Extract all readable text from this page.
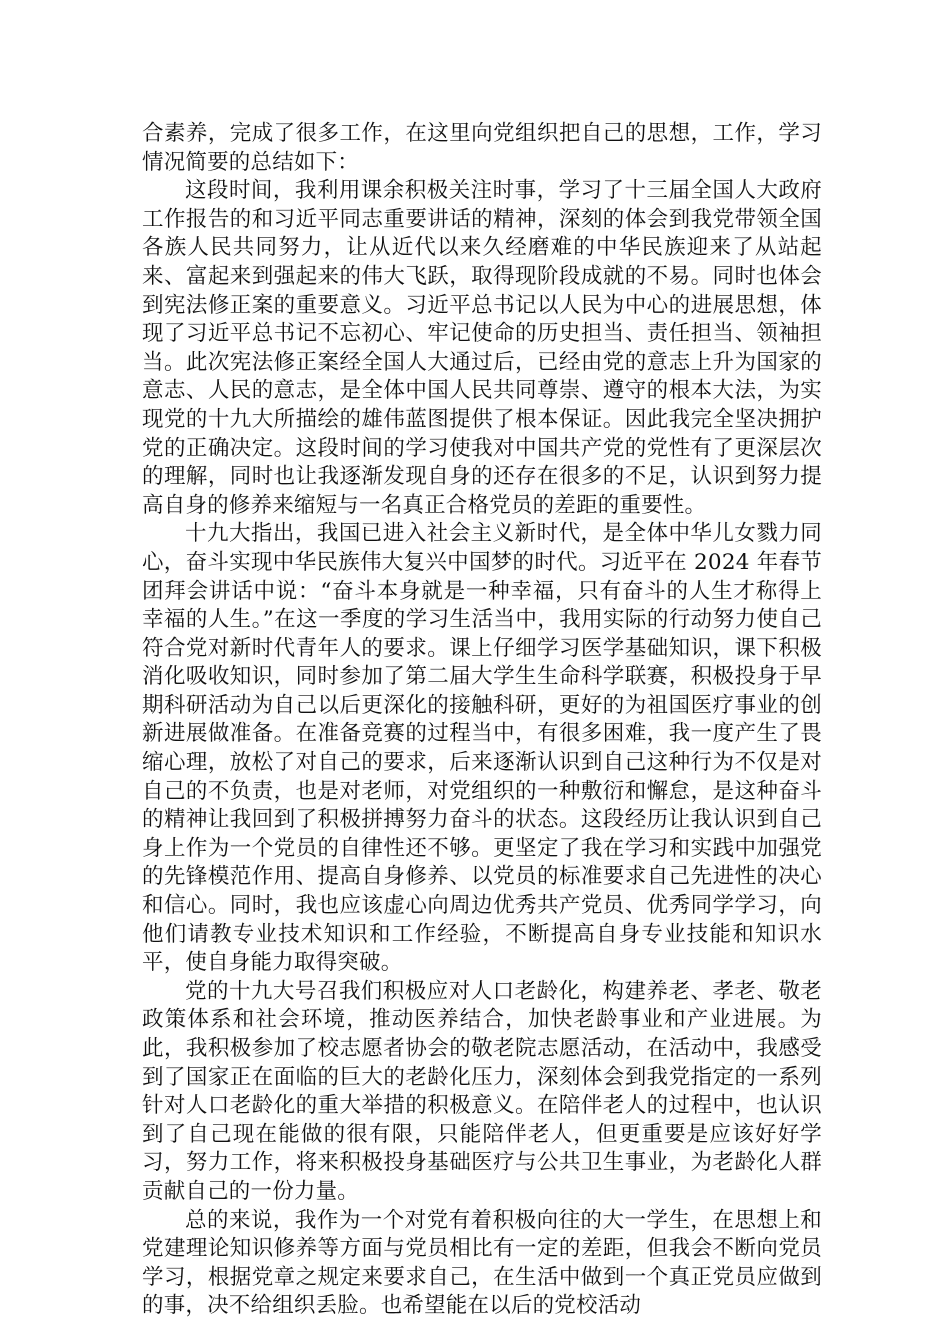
合素养，完成了很多工作，在这里向党组织把自己的思想，工作，学习情况简要的总结如下：

这段时间，我利用课余积极关注时事，学习了十三届全国人大政府工作报告的和习近平同志重要讲话的精神，深刻的体会到我党带领全国各族人民共同努力，让从近代以来久经磨难的中华民族迎来了从站起来、富起来到强起来的伟大飞跃，取得现阶段成就的不易。同时也体会到宪法修正案的重要意义。习近平总书记以人民为中心的进展思想，体现了习近平总书记不忘初心、牢记使命的历史担当、责任担当、领袖担当。此次宪法修正案经全国人大通过后，已经由党的意志上升为国家的意志、人民的意志，是全体中国人民共同尊崇、遵守的根本大法，为实现党的十九大所描绘的雄伟蓝图提供了根本保证。因此我完全坚决拥护党的正确决定。这段时间的学习使我对中国共产党的党性有了更深层次的理解，同时也让我逐渐发现自身的还存在很多的不足，认识到努力提高自身的修养来缩短与一名真正合格党员的差距的重要性。

十九大指出，我国已进入社会主义新时代，是全体中华儿女戮力同心，奋斗实现中华民族伟大复兴中国梦的时代。习近平在 2024 年春节团拜会讲话中说：“奋斗本身就是一种幸福，只有奋斗的人生才称得上幸福的人生。”在这一季度的学习生活当中，我用实际的行动努力使自己符合党对新时代青年人的要求。课上仔细学习医学基础知识，课下积极消化吸收知识，同时参加了第二届大学生生命科学联赛，积极投身于早期科研活动为自己以后更深化的接触科研，更好的为祖国医疗事业的创新进展做准备。在准备竞赛的过程当中，有很多困难，我一度产生了畏缩心理，放松了对自己的要求，后来逐渐认识到自己这种行为不仅是对自己的不负责，也是对老师，对党组织的一种敷衍和懈怠，是这种奋斗的精神让我回到了积极拼搏努力奋斗的状态。这段经历让我认识到自己身上作为一个党员的自律性还不够。更坚定了我在学习和实践中加强党的先锋模范作用、提高自身修养、以党员的标准要求自己先进性的决心和信心。同时，我也应该虚心向周边优秀共产党员、优秀同学学习，向他们请教专业技术知识和工作经验，不断提高自身专业技能和知识水平，使自身能力取得突破。

党的十九大号召我们积极应对人口老龄化，构建养老、孝老、敬老政策体系和社会环境，推动医养结合，加快老龄事业和产业进展。为此，我积极参加了校志愿者协会的敬老院志愿活动，在活动中，我感受到了国家正在面临的巨大的老龄化压力，深刻体会到我党指定的一系列针对人口老龄化的重大举措的积极意义。在陪伴老人的过程中，也认识到了自己现在能做的很有限，只能陪伴老人，但更重要是应该好好学习，努力工作，将来积极投身基础医疗与公共卫生事业，为老龄化人群贡献自己的一份力量。

总的来说，我作为一个对党有着积极向往的大一学生，在思想上和党建理论知识修养等方面与党员相比有一定的差距，但我会不断向党员学习，根据党章之规定来要求自己，在生活中做到一个真正党员应做到的事，决不给组织丢脸。也希望能在以后的党校活动
